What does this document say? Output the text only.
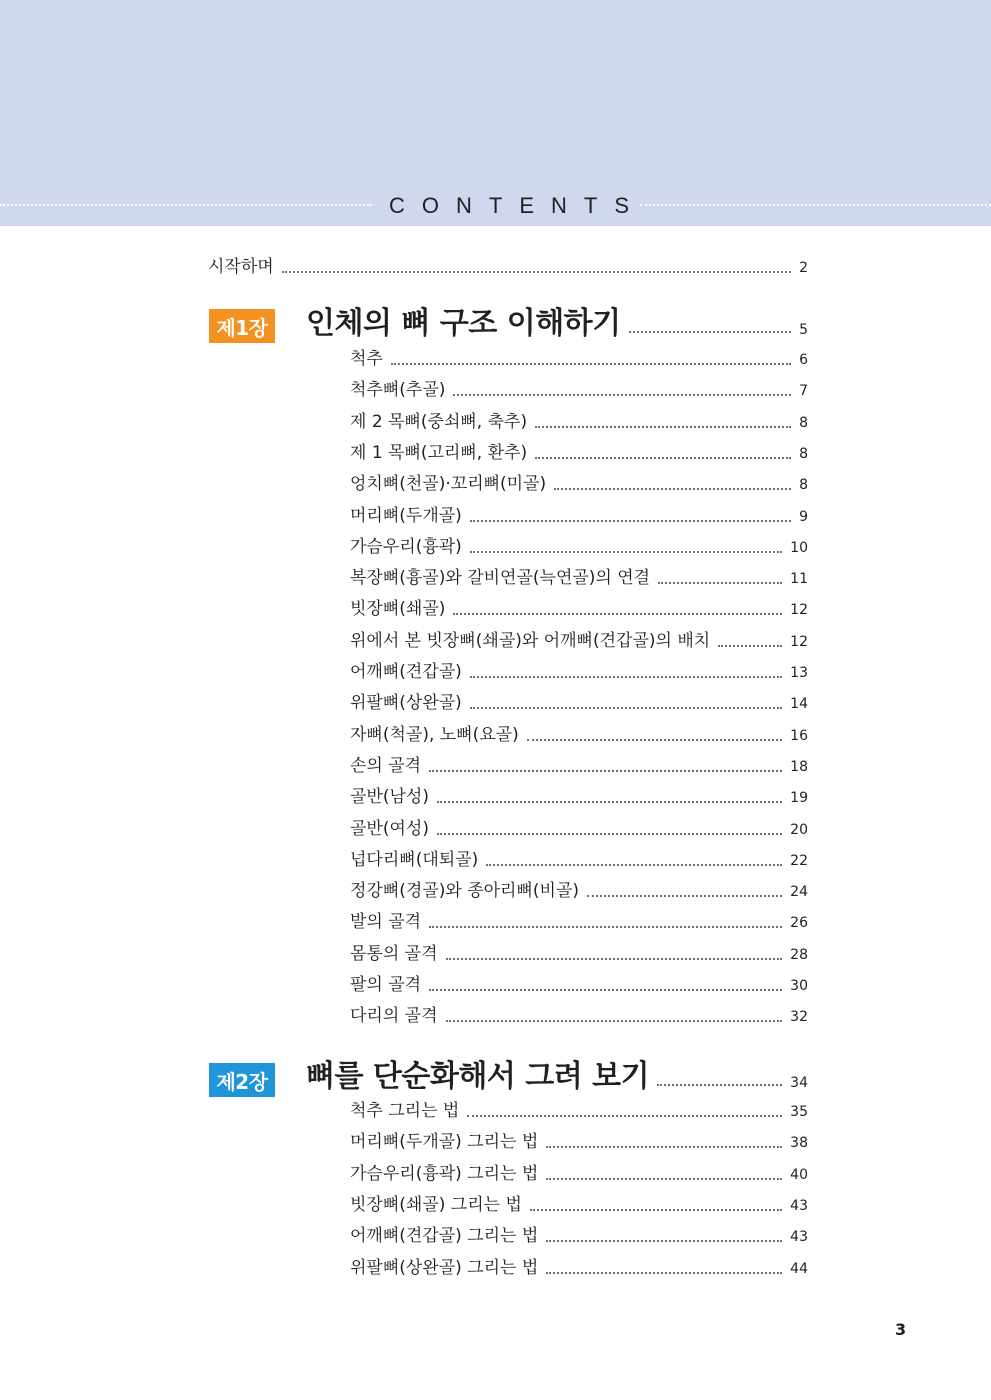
CONTENTS
시작하며	2
제1장 인체의 뼈 구조 이해하기	5
척추	6
척추뼈(추골)	7
제 2 목뼈(중쇠뼈, 축추)	8
제 1 목뼈(고리뼈, 환추)	8
엉치뼈(천골)·꼬리뼈(미골)	8
머리뼈(두개골)	9
가슴우리(흉곽)	10
복장뼈(흉골)와 갈비연골(늑연골)의 연결	11
빗장뼈(쇄골)	12
위에서 본 빗장뼈(쇄골)와 어깨뼈(견갑골)의 배치	12
어깨뼈(견갑골)	13
위팔뼈(상완골)	14
자뼈(척골), 노뼈(요골)	16
손의 골격	18
골반(남성)	19
골반(여성)	20
넙다리뼈(대퇴골)	22
정강뼈(경골)와 종아리뼈(비골)	24
발의 골격	26
몸통의 골격	28
팔의 골격	30
다리의 골격	32
제2장 뼈를 단순화해서 그려 보기	34
척추 그리는 법	35
머리뼈(두개골) 그리는 법	38
가슴우리(흉곽) 그리는 법	40
빗장뼈(쇄골) 그리는 법	43
어깨뼈(견갑골) 그리는 법	43
위팔뼈(상완골) 그리는 법	44
3
